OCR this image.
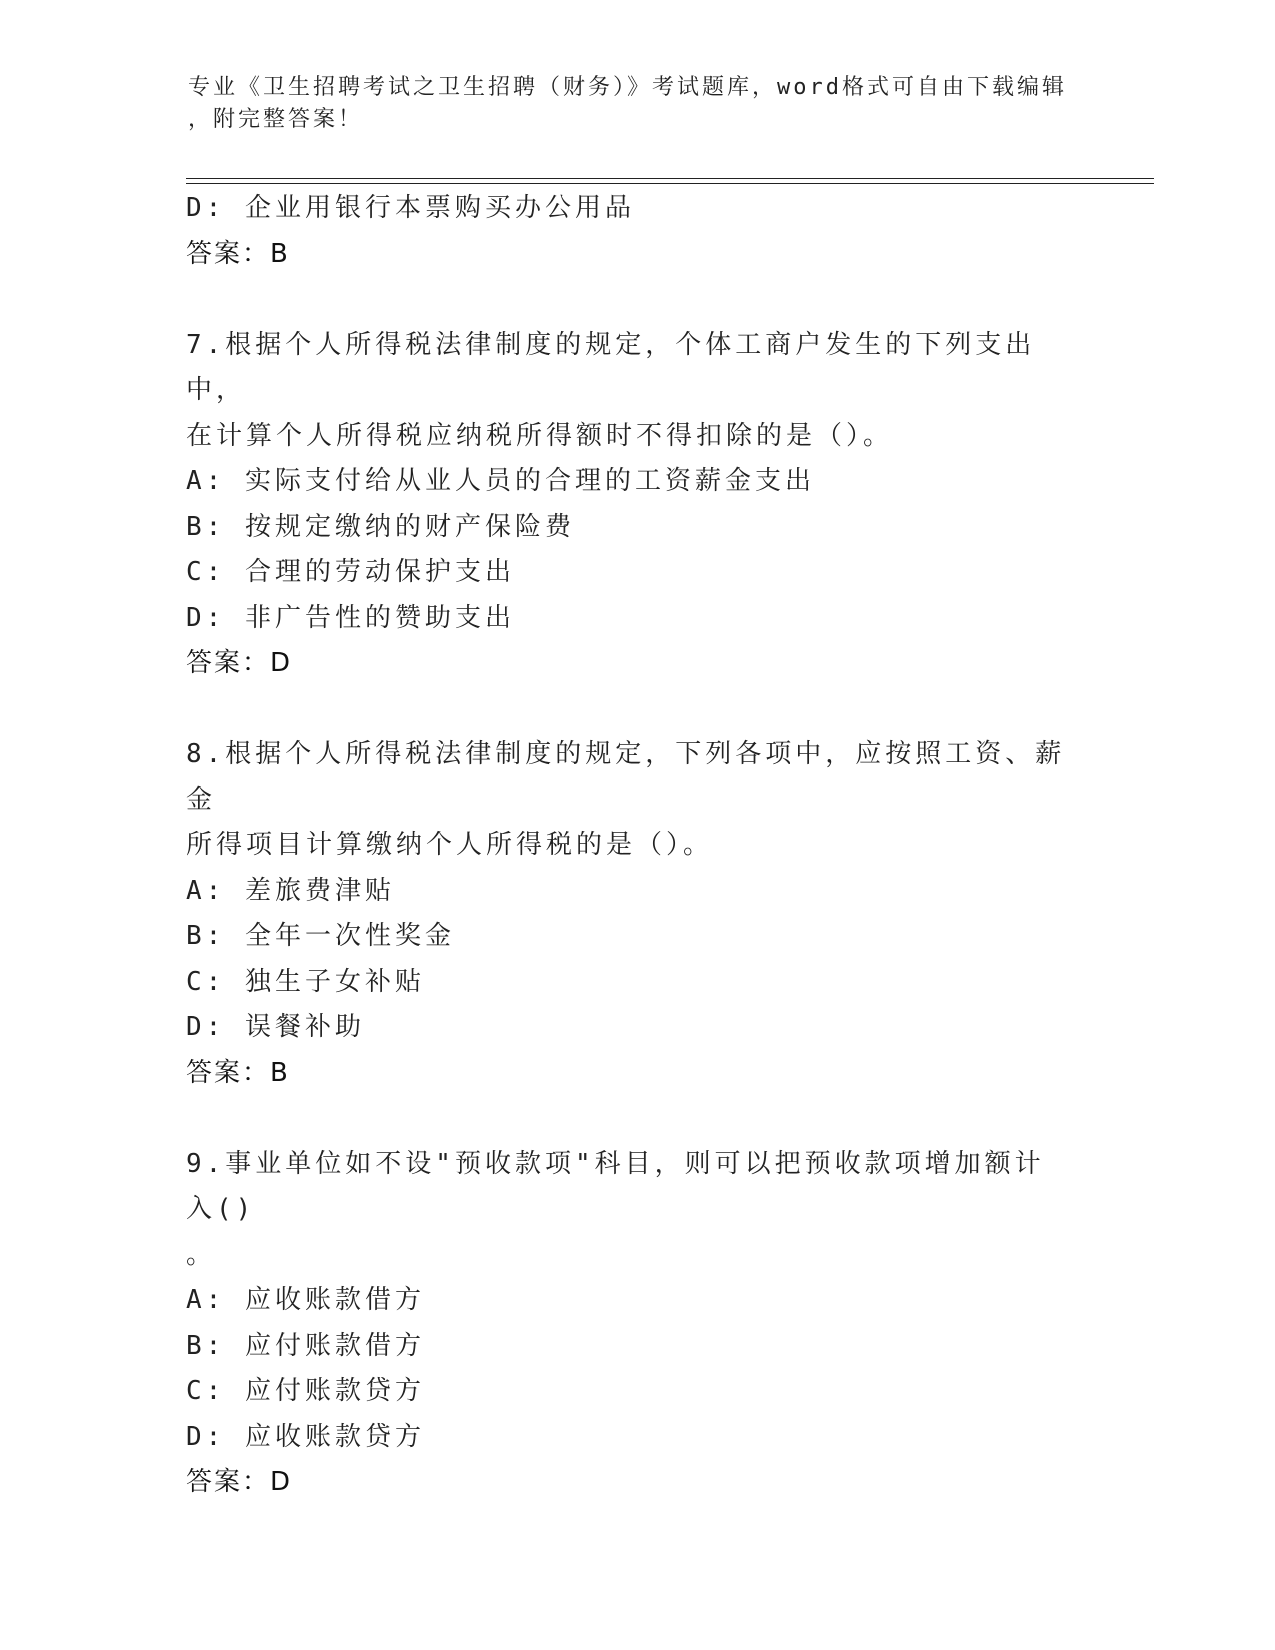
专业《卫生招聘考试之卫生招聘（财务）》考试题库，word格式可自由下载编辑
，附完整答案！
D: 企业用银行本票购买办公用品
答案：B
7.根据个人所得税法律制度的规定，个体工商户发生的下列支出中，
在计算个人所得税应纳税所得额时不得扣除的是（）。
A: 实际支付给从业人员的合理的工资薪金支出
B: 按规定缴纳的财产保险费
C: 合理的劳动保护支出
D: 非广告性的赞助支出
答案：D
8.根据个人所得税法律制度的规定，下列各项中，应按照工资、薪金
所得项目计算缴纳个人所得税的是（）。
A: 差旅费津贴
B: 全年一次性奖金
C: 独生子女补贴
D: 误餐补助
答案：B
9.事业单位如不设"预收款项"科目，则可以把预收款项增加额计入()
。
A: 应收账款借方
B: 应付账款借方
C: 应付账款贷方
D: 应收账款贷方
答案：D
